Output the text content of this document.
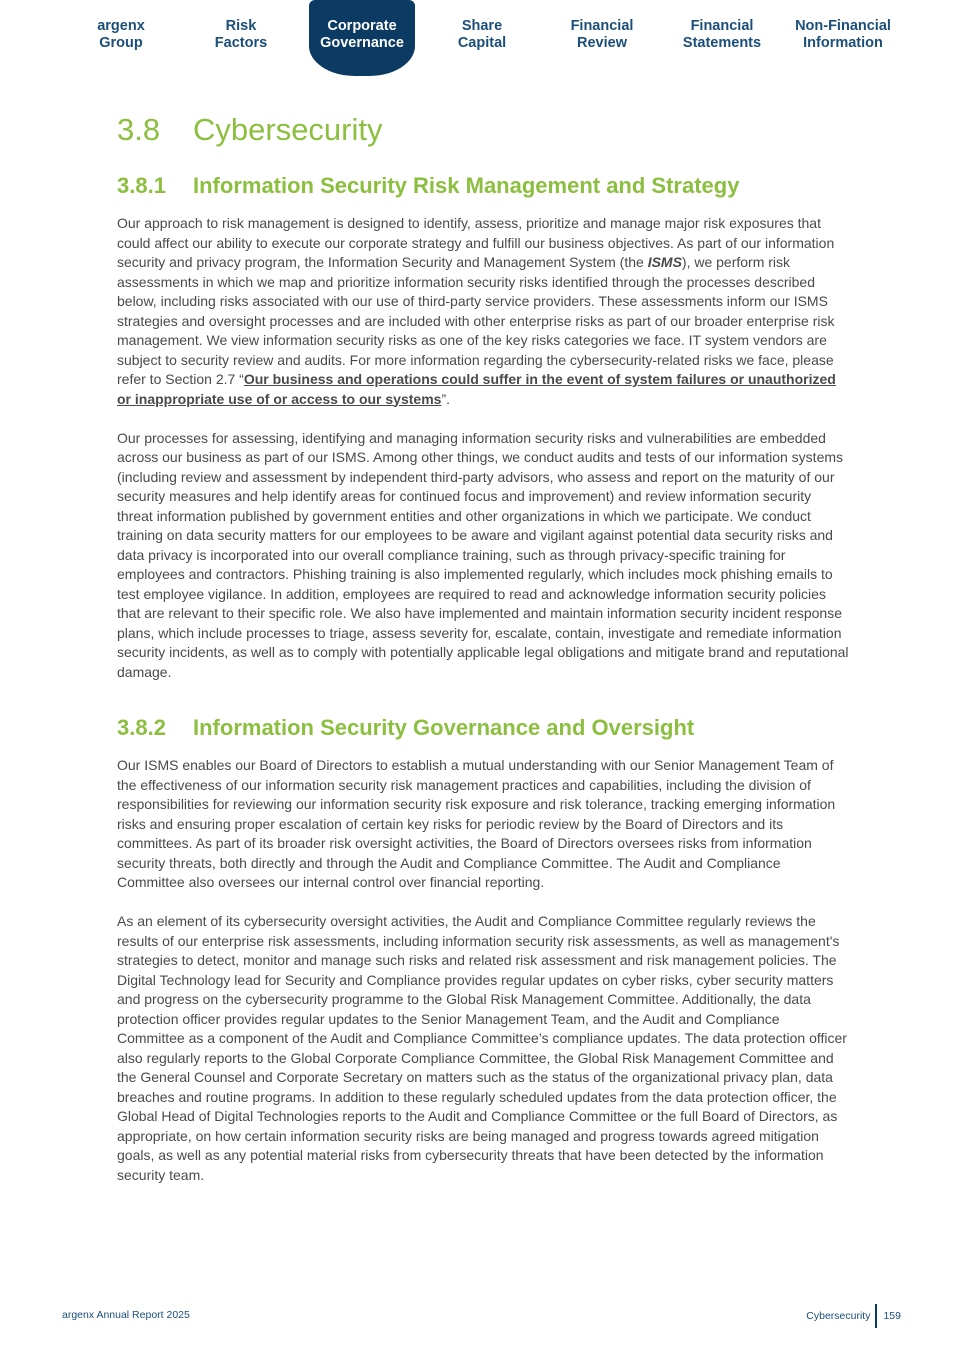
argenx
Group
Risk
Factors
Corporate
Governance
Share
Capital
Financial
Review
Financial
Statements
Non-Financial
Information
3.8 Cybersecurity
3.8.1 Information Security Risk Management and Strategy

Our approach to risk management is designed to identify, assess, prioritize and manage major risk exposures that could affect our ability to execute our corporate strategy and fulfill our business objectives. As part of our information security and privacy program, the Information Security and Management System (the ISMS), we perform risk assessments in which we map and prioritize information security risks identified through the processes described below, including risks associated with our use of third-party service providers. These assessments inform our ISMS strategies and oversight processes and are included with other enterprise risks as part of our broader enterprise risk management. We view information security risks as one of the key risks categories we face. IT system vendors are subject to security review and audits. For more information regarding the cybersecurity-related risks we face, please refer to Section 2.7 “Our business and operations could suffer in the event of system failures or unauthorized or inappropriate use of or access to our systems”.

Our processes for assessing, identifying and managing information security risks and vulnerabilities are embedded across our business as part of our ISMS. Among other things, we conduct audits and tests of our information systems (including review and assessment by independent third-party advisors, who assess and report on the maturity of our security measures and help identify areas for continued focus and improvement) and review information security threat information published by government entities and other organizations in which we participate. We conduct training on data security matters for our employees to be aware and vigilant against potential data security risks and data privacy is incorporated into our overall compliance training, such as through privacy-specific training for employees and contractors. Phishing training is also implemented regularly, which includes mock phishing emails to test employee vigilance. In addition, employees are required to read and acknowledge information security policies that are relevant to their specific role. We also have implemented and maintain information security incident response plans, which include processes to triage, assess severity for, escalate, contain, investigate and remediate information security incidents, as well as to comply with potentially applicable legal obligations and mitigate brand and reputational damage.

3.8.2 Information Security Governance and Oversight

Our ISMS enables our Board of Directors to establish a mutual understanding with our Senior Management Team of the effectiveness of our information security risk management practices and capabilities, including the division of responsibilities for reviewing our information security risk exposure and risk tolerance, tracking emerging information risks and ensuring proper escalation of certain key risks for periodic review by the Board of Directors and its committees. As part of its broader risk oversight activities, the Board of Directors oversees risks from information security threats, both directly and through the Audit and Compliance Committee. The Audit and Compliance Committee also oversees our internal control over financial reporting.

As an element of its cybersecurity oversight activities, the Audit and Compliance Committee regularly reviews the results of our enterprise risk assessments, including information security risk assessments, as well as management's strategies to detect, monitor and manage such risks and related risk assessment and risk management policies. The Digital Technology lead for Security and Compliance provides regular updates on cyber risks, cyber security matters and progress on the cybersecurity programme to the Global Risk Management Committee. Additionally, the data protection officer provides regular updates to the Senior Management Team, and the Audit and Compliance Committee as a component of the Audit and Compliance Committee’s compliance updates. The data protection officer also regularly reports to the Global Corporate Compliance Committee, the Global Risk Management Committee and the General Counsel and Corporate Secretary on matters such as the status of the organizational privacy plan, data breaches and routine programs. In addition to these regularly scheduled updates from the data protection officer, the Global Head of Digital Technologies reports to the Audit and Compliance Committee or the full Board of Directors, as appropriate, on how certain information security risks are being managed and progress towards agreed mitigation goals, as well as any potential material risks from cybersecurity threats that have been detected by the information security team.

argenx Annual Report 2025	Cybersecurity 159
